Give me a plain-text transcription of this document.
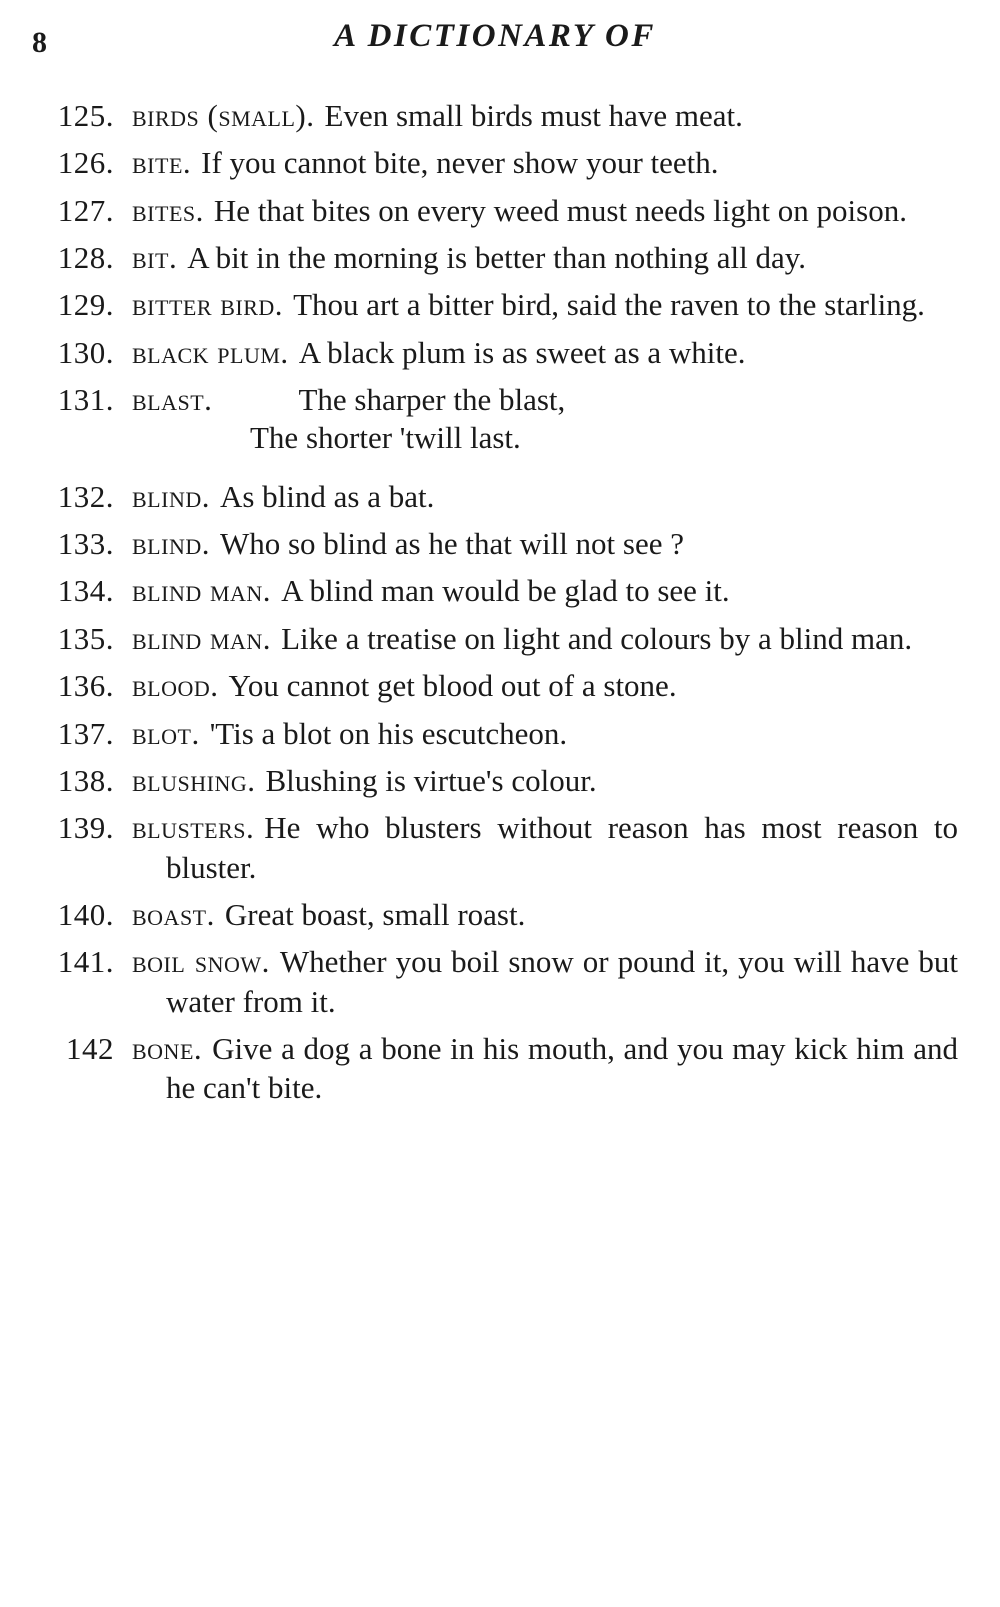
8	A DICTIONARY OF
125. birds (small). Even small birds must have meat.
126. bite. If you cannot bite, never show your teeth.
127. bites. He that bites on every weed must needs light on poison.
128. bit. A bit in the morning is better than nothing all day.
129. bitter bird. Thou art a bitter bird, said the raven to the starling.
130. black plum. A black plum is as sweet as a white.
131. blast.	The sharper the blast,
The shorter 'twill last.
132. blind. As blind as a bat.
133. blind. Who so blind as he that will not see ?
134. blind man. A blind man would be glad to see it.
135. blind man. Like a treatise on light and colours by a blind man.
136. blood. You cannot get blood out of a stone.
137. blot. 'Tis a blot on his escutcheon.
138. blushing. Blushing is virtue's colour.
139. blusters. He who blusters without reason has most reason to bluster.
140. boast. Great boast, small roast.
141. boil snow. Whether you boil snow or pound it, you will have but water from it.
142 bone. Give a dog a bone in his mouth, and you may kick him and he can't bite.
